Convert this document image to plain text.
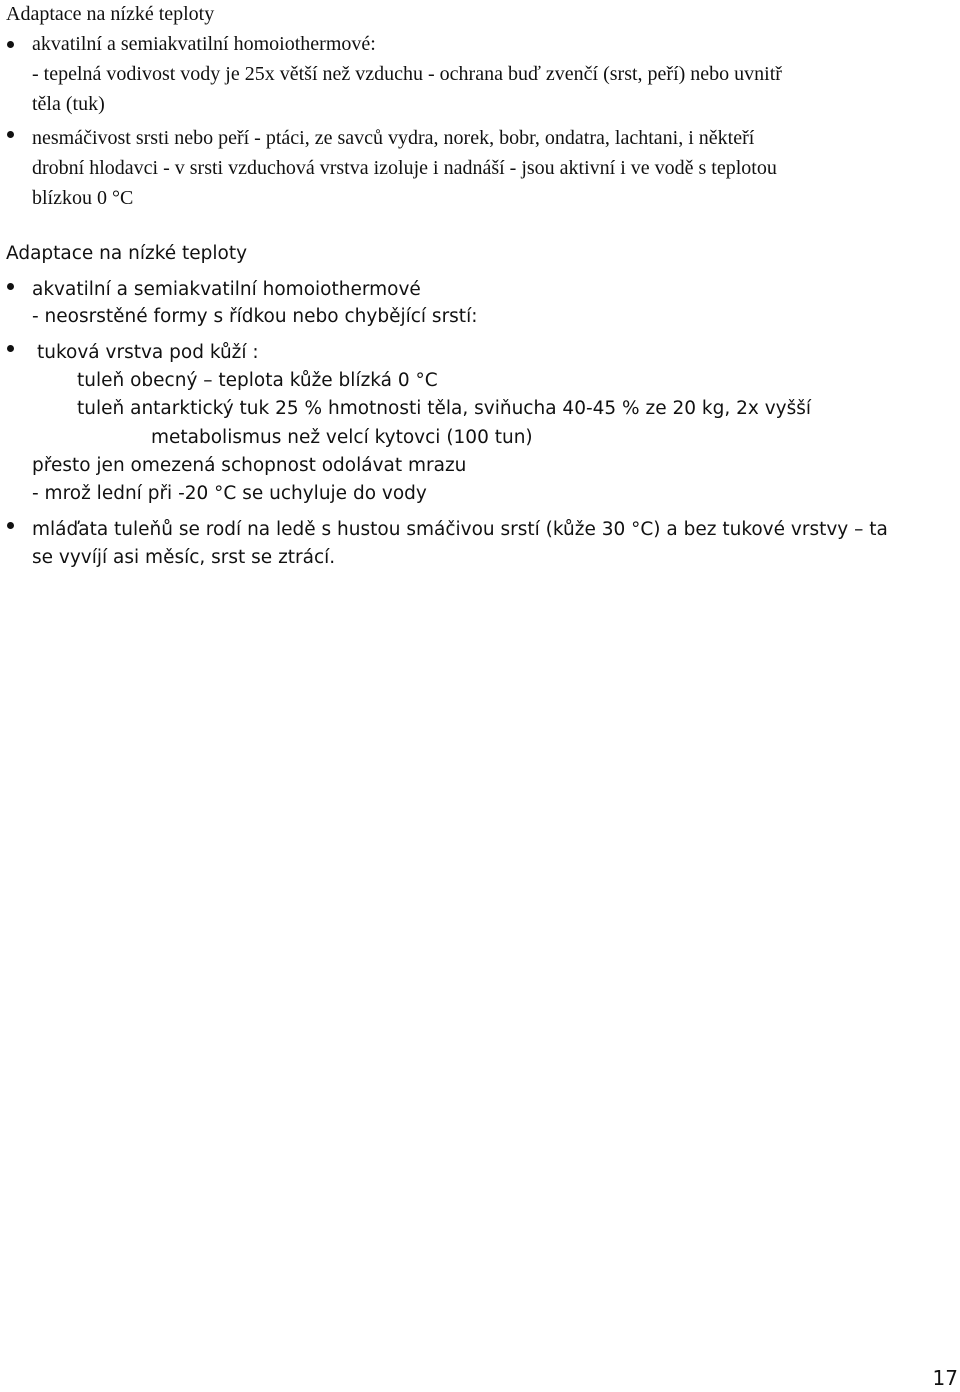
Adaptace na nízké teploty
akvatilní a semiakvatilní homoiothermové:
- tepelná vodivost vody je 25x větší než vzduchu - ochrana buď zvenčí (srst, peří) nebo uvnitř
těla (tuk)
nesmáčivost srsti nebo peří - ptáci, ze savců vydra, norek, bobr, ondatra, lachtani, i někteří
drobní hlodavci - v srsti vzduchová vrstva izoluje i nadnáší - jsou aktivní i ve vodě s teplotou
blízkou 0 °C
Adaptace na nízké teploty
akvatilní a semiakvatilní homoiothermové
- neosrstěné formy s řídkou nebo chybějící srstí:
tuková vrstva pod kůží :
tuleň obecný – teplota kůže blízká 0 °C
tuleň antarktický tuk 25 % hmotnosti těla, sviňucha 40-45 % ze 20 kg, 2x vyšší
metabolismus než velcí kytovci (100 tun)
přesto jen omezená schopnost odolávat mrazu
- mrož lední při -20 °C se uchyluje do vody
mláďata tuleňů se rodí na ledě s hustou smáčivou srstí (kůže 30 °C) a bez tukové vrstvy – ta
se vyvíjí asi měsíc, srst se ztrácí.
17
